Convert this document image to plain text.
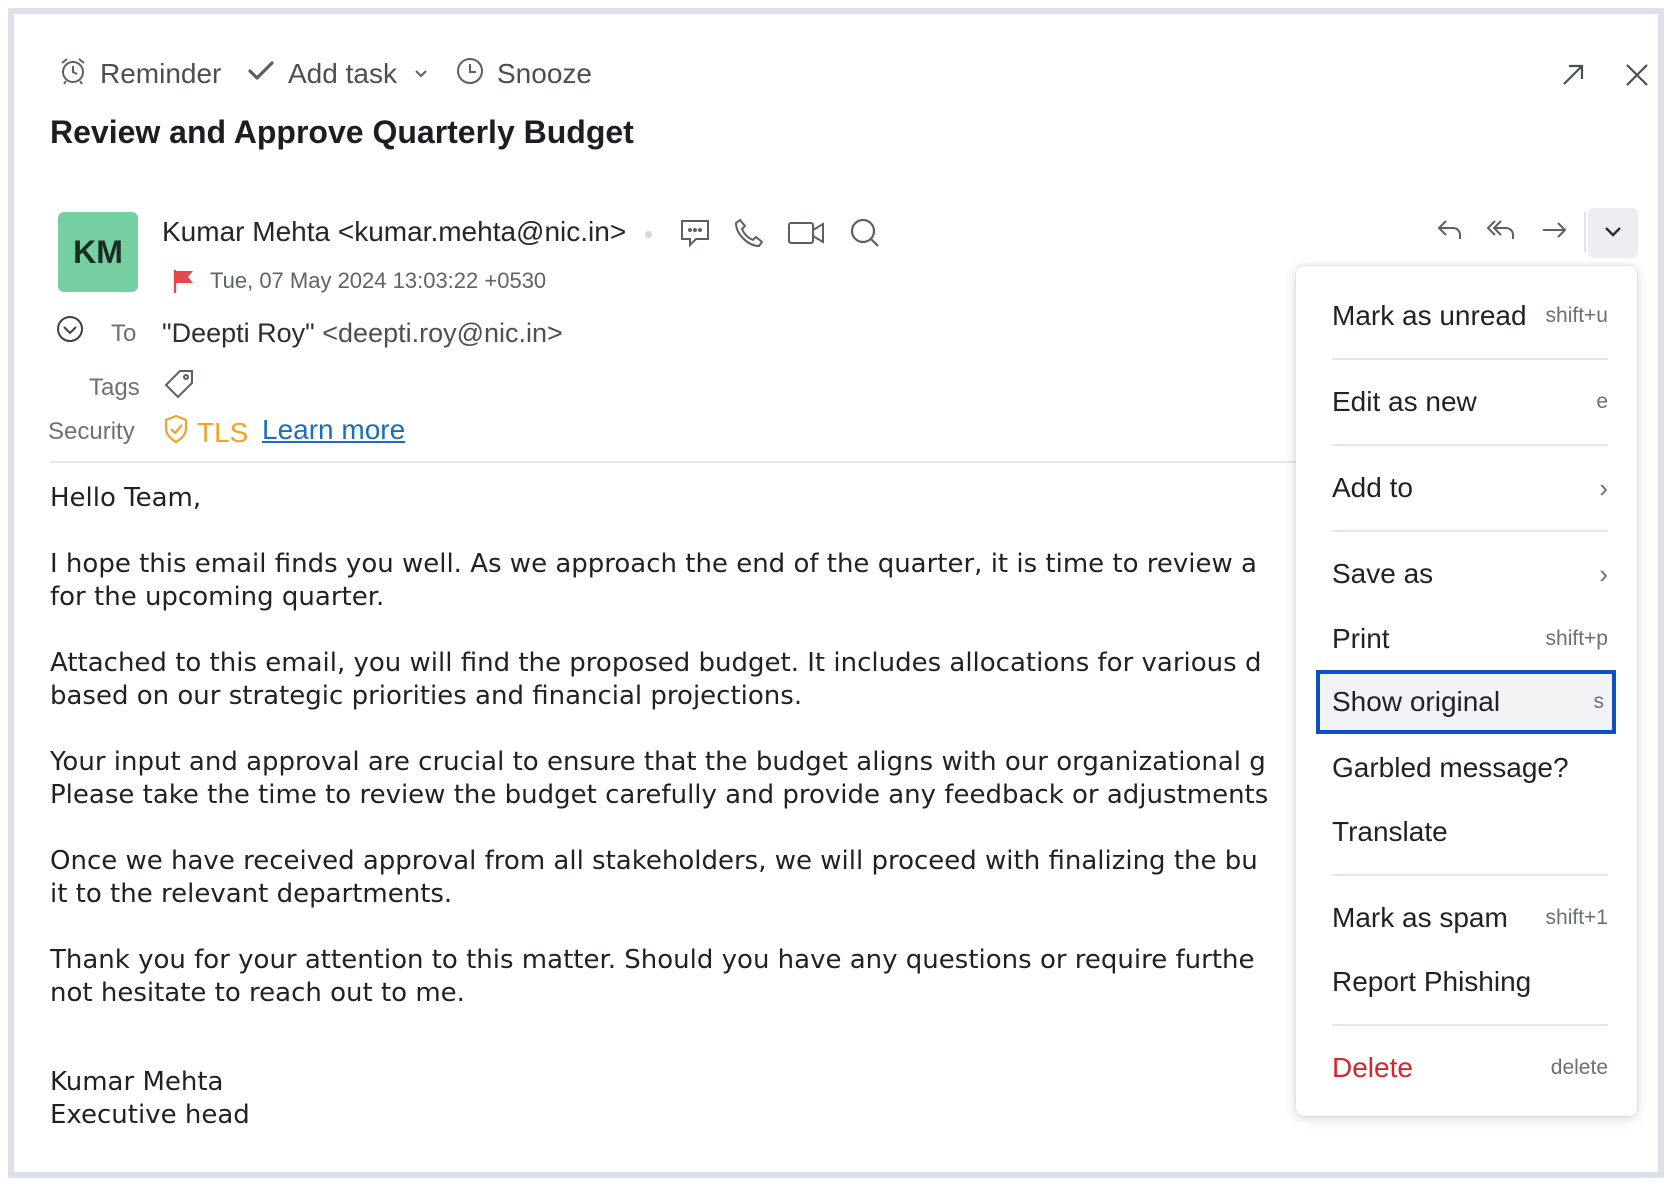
Reminder Add task	Snooze
Review and Approve Quarterly Budget
KM
Kumar Mehta <kumar.mehta@nic.in>
Tue, 07 May 2024 13:03:22 +0530
To "Deepti Roy" <deepti.roy@nic.in>
Tags
Security TLS Learn more

Hello Team,

I hope this email finds you well. As we approach the end of the quarter, it is time to review a
for the upcoming quarter.

Attached to this email, you will find the proposed budget. It includes allocations for various d
based on our strategic priorities and financial projections.

Your input and approval are crucial to ensure that the budget aligns with our organizational g
Please take the time to review the budget carefully and provide any feedback or adjustments

Once we have received approval from all stakeholders, we will proceed with finalizing the bu
it to the relevant departments.

Thank you for your attention to this matter. Should you have any questions or require furthe
not hesitate to reach out to me.

Kumar Mehta
Executive head

Mark as unread shift+u
Edit as new	e
Add to	›
Save as	›
Print	shift+p
Show original	s
Garbled message?
Translate
Mark as spam shift+1
Report Phishing
Delete	delete
